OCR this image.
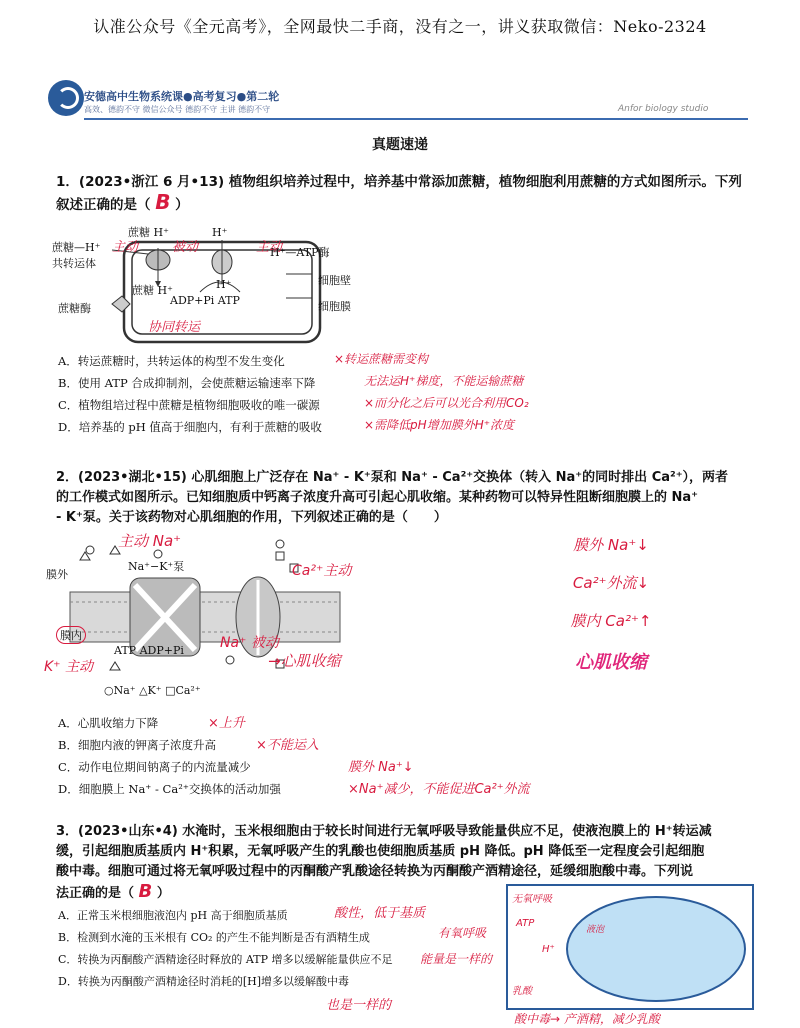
认准公众号《全元高考》，全网最快二手商，没有之一，讲义获取微信：Neko-2324
安德高中生物系统课●高考复习●第二轮
高效、德韵不守 微信公众号 德韵不守 主讲 德韵不守	Anfor biology studio
真题速递
1．(2023•浙江 6 月•13) 植物组织培养过程中，培养基中常添加蔗糖，植物细胞利用蔗糖的方式如图所示。下列
叙述正确的是（ B ）
蔗糖—H⁺
共转运体
蔗糖酶
蔗糖 H⁺	H⁺
H⁺—ATP酶
蔗糖 H⁺	H⁺
ADP+Pi ATP
细胞壁
细胞膜
主动	被动	主动
协同转运
A．转运蔗糖时，共转运体的构型不发生变化	×转运蔗糖需变构
B．使用 ATP 合成抑制剂，会使蔗糖运输速率下降	无法运H⁺梯度，不能运输蔗糖
C．植物组培过程中蔗糖是植物细胞吸收的唯一碳源	×而分化之后可以光合利用CO₂
D．培养基的 pH 值高于细胞内，有利于蔗糖的吸收	×需降低pH增加膜外H⁺浓度
2．(2023•湖北•15) 心肌细胞上广泛存在 Na⁺ - K⁺泵和 Na⁺ - Ca²⁺交换体（转入 Na⁺的同时排出 Ca²⁺），两者
的工作模式如图所示。已知细胞质中钙离子浓度升高可引起心肌收缩。某种药物可以特异性阻断细胞膜上的 Na⁺
- K⁺泵。关于该药物对心肌细胞的作用，下列叙述正确的是（　　）
膜外
膜内
Na⁺−K⁺泵
ATP ADP+Pi
○Na⁺ △K⁺ □Ca²⁺
主动 Na⁺
Ca²⁺主动
K⁺ 主动
Na⁺ 被动
→心肌收缩
膜外 Na⁺↓
Ca²⁺外流↓
膜内 Ca²⁺↑
心肌收缩
A．心肌收缩力下降	×上升
B．细胞内液的钾离子浓度升高	×不能运入
C．动作电位期间钠离子的内流量减少	膜外 Na⁺↓
D．细胞膜上 Na⁺ - Ca²⁺交换体的活动加强	×Na⁺减少，不能促进Ca²⁺外流
3．(2023•山东•4) 水淹时，玉米根细胞由于较长时间进行无氧呼吸导致能量供应不足，使液泡膜上的 H⁺转运减
缓，引起细胞质基质内 H⁺积累，无氧呼吸产生的乳酸也使细胞质基质 pH 降低。pH 降低至一定程度会引起细胞
酸中毒。细胞可通过将无氧呼吸过程中的丙酮酸产乳酸途径转换为丙酮酸产酒精途径，延缓细胞酸中毒。下列说
法正确的是（ B ）
A．正常玉米根细胞液泡内 pH 高于细胞质基质	酸性，低于基质
B．检测到水淹的玉米根有 CO₂ 的产生不能判断是否有酒精生成	有氧呼吸
C．转换为丙酮酸产酒精途径时释放的 ATP 增多以缓解能量供应不足
D．转换为丙酮酸产酒精途径时消耗的[H]增多以缓解酸中毒
能量是一样的
也是一样的
无氧呼吸
ATP
H⁺
乳酸
液泡
酸中毒→ 产酒精，减少乳酸
